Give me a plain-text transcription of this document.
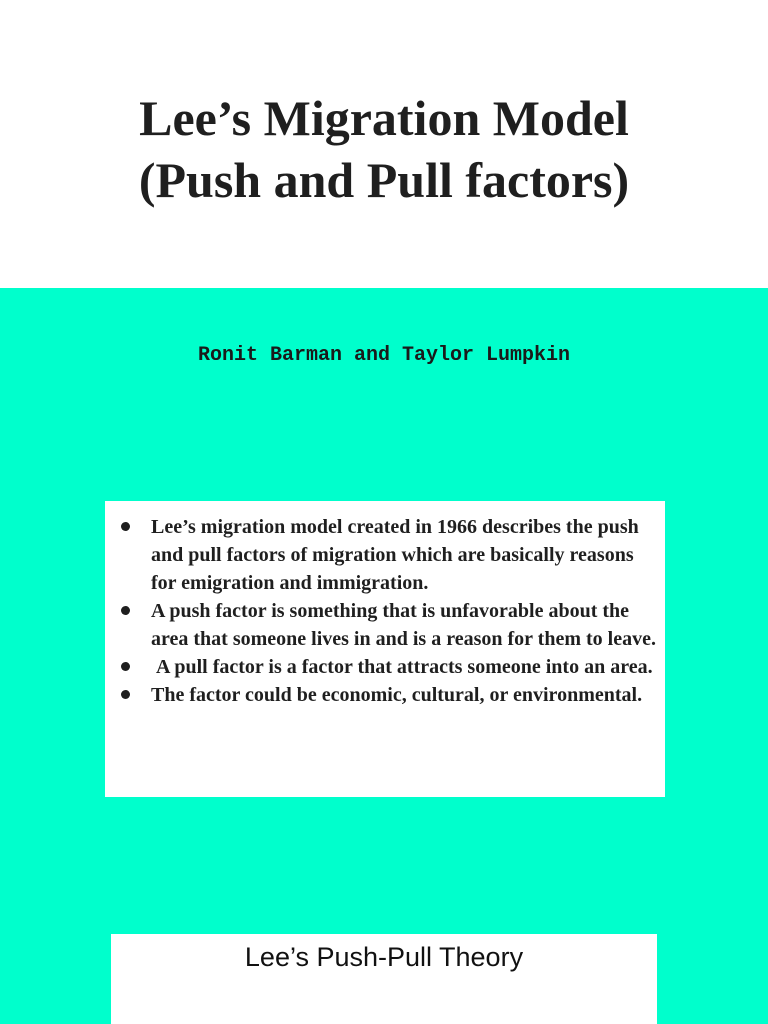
Lee’s Migration Model
(Push and Pull factors)
Ronit Barman and Taylor Lumpkin
Lee’s migration model created in 1966 describes the push and pull factors of migration which are basically reasons for emigration and immigration.
A push factor is something that is unfavorable about the area that someone lives in and is a reason for them to leave.
A pull factor is a factor that attracts someone into an area.
The factor could be economic, cultural, or environmental.
Lee’s Push-Pull Theory
